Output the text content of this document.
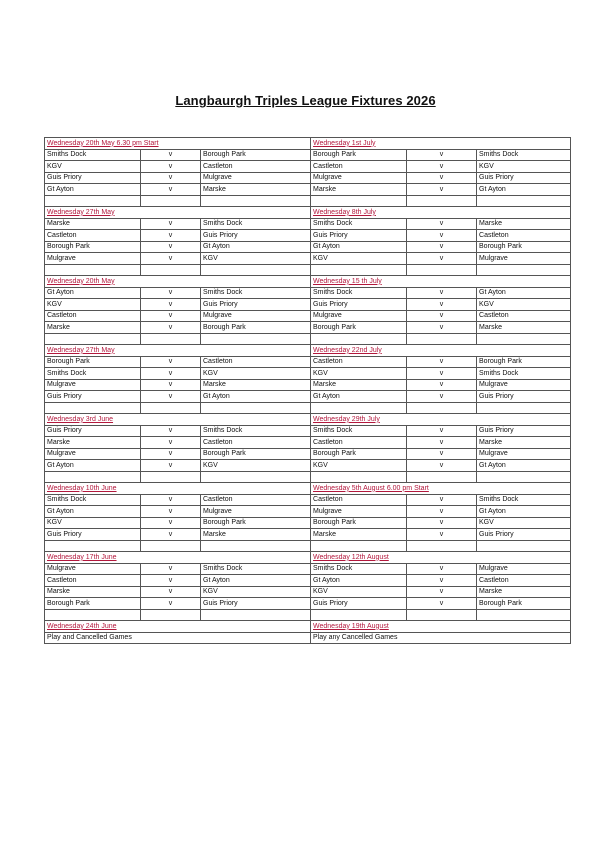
Langbaurgh Triples League Fixtures 2026
Wednesday 20th May 6.30 pm Start			Wednesday 1st July		
Smiths Dock	v	Borough Park	Borough Park	v	Smiths Dock
KGV	v	Castleton	Castleton	v	KGV
Guis Priory	v	Mulgrave	Mulgrave	v	Guis Priory
Gt Ayton	v	Marske	Marske	v	Gt Ayton

Wednesday 27th May			Wednesday 8th July		
Marske	v	Smiths Dock	Smiths Dock	v	Marske
Castleton	v	Guis Priory	Guis Priory	v	Castleton
Borough Park	v	Gt Ayton	Gt Ayton	v	Borough Park
Mulgrave	v	KGV	KGV	v	Mulgrave

Wednesday 20th May			Wednesday 15 th July		
Gt Ayton	v	Smiths Dock	Smiths Dock	v	Gt Ayton
KGV	v	Guis Priory	Guis Priory	v	KGV
Castleton	v	Mulgrave	Mulgrave	v	Castleton
Marske	v	Borough Park	Borough Park	v	Marske

Wednesday 27th May			Wednesday 22nd July		
Borough Park	v	Castleton	Castleton	v	Borough Park
Smiths Dock	v	KGV	KGV	v	Smiths Dock
Mulgrave	v	Marske	Marske	v	Mulgrave
Guis Priory	v	Gt Ayton	Gt Ayton	v	Guis Priory

Wednesday 3rd June			Wednesday 29th July		
Guis Priory	v	Smiths Dock	Smiths Dock	v	Guis Priory
Marske	v	Castleton	Castleton	v	Marske
Mulgrave	v	Borough Park	Borough Park	v	Mulgrave
Gt Ayton	v	KGV	KGV	v	Gt Ayton

Wednesday 10th June			Wednesday 5th August 6.00 pm Start		
Smiths Dock	v	Castleton	Castleton	v	Smiths Dock
Gt Ayton	v	Mulgrave	Mulgrave	v	Gt Ayton
KGV	v	Borough Park	Borough Park	v	KGV
Guis Priory	v	Marske	Marske	v	Guis Priory

Wednesday 17th June			Wednesday 12th August		
Mulgrave	v	Smiths Dock	Smiths Dock	v	Mulgrave
Castleton	v	Gt Ayton	Gt Ayton	v	Castleton
Marske	v	KGV	KGV	v	Marske
Borough Park	v	Guis Priory	Guis Priory	v	Borough Park

Wednesday 24th June			Wednesday 19th August		
Play and Cancelled Games			Play any Cancelled Games		
